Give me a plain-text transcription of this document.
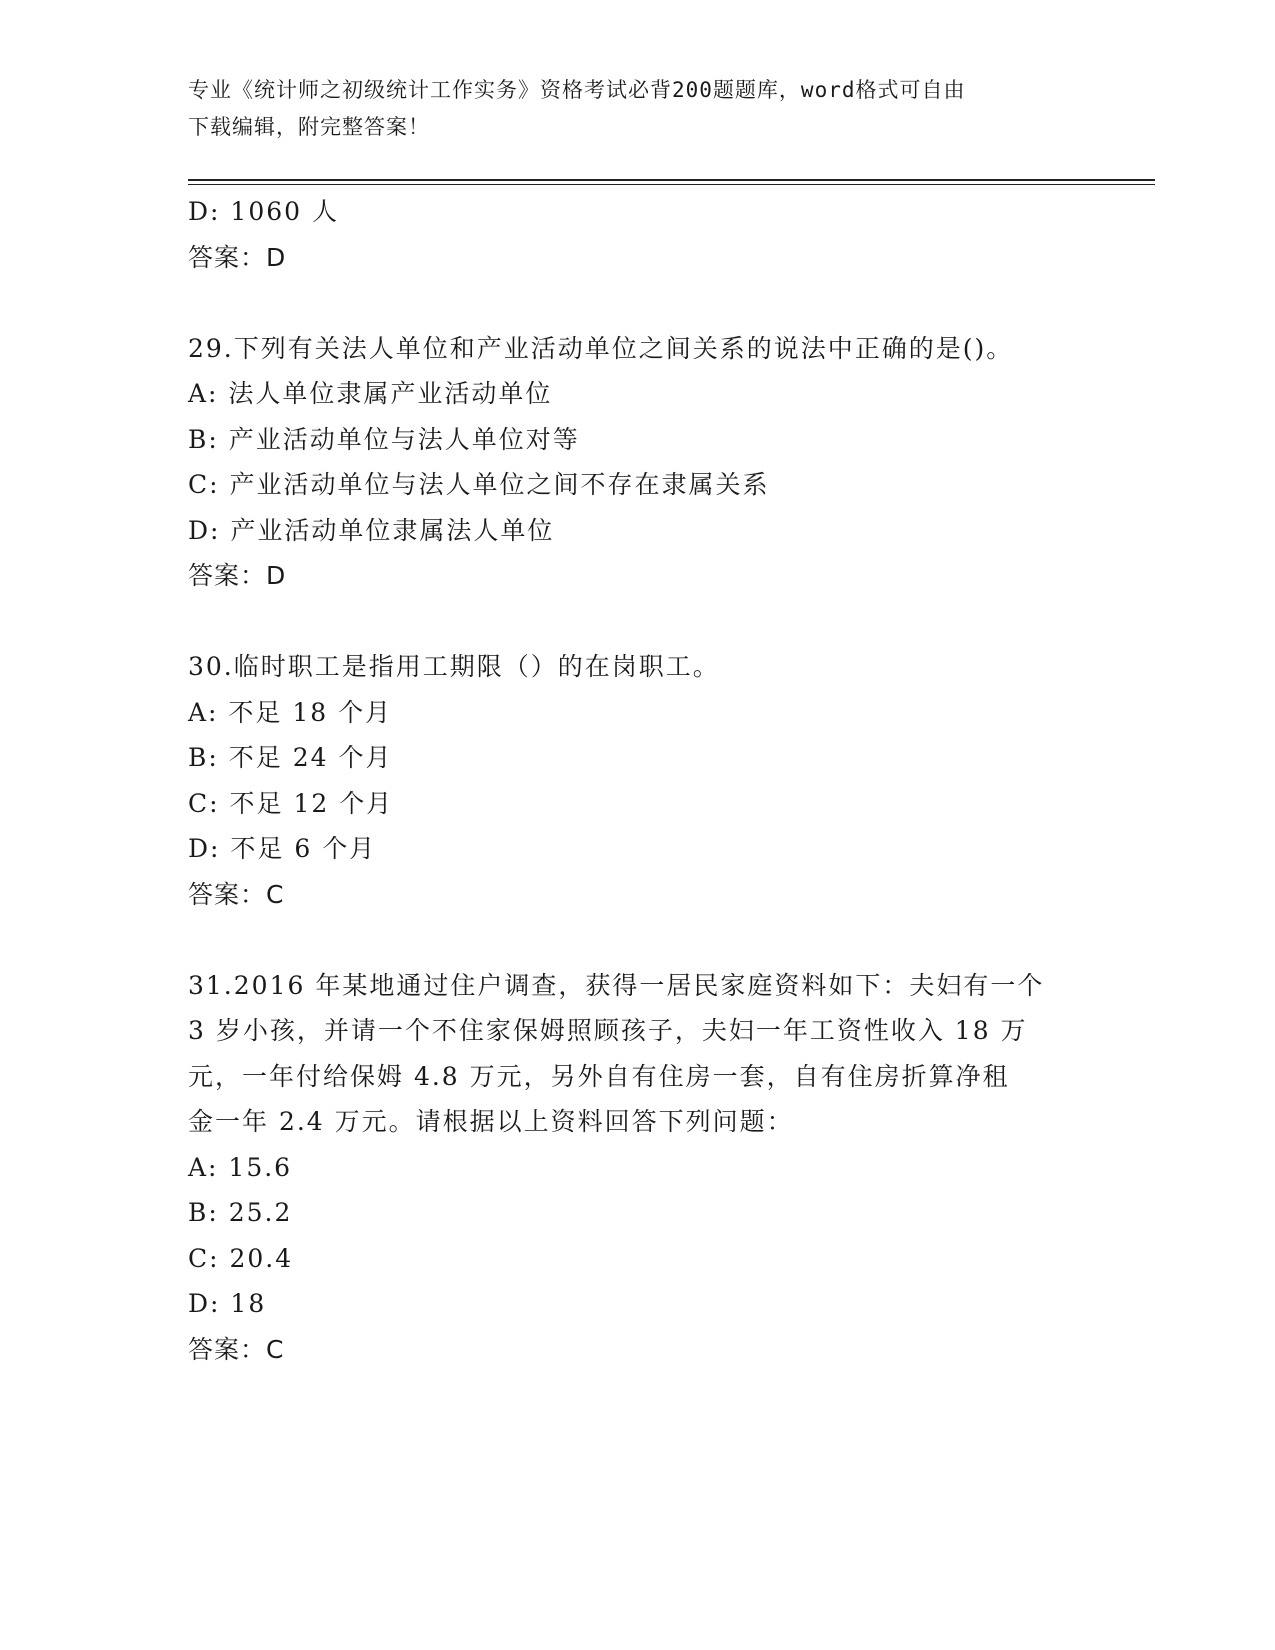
专业《统计师之初级统计工作实务》资格考试必背200题题库，word格式可自由
下载编辑，附完整答案！
D: 1060 人
答案：D
29.下列有关法人单位和产业活动单位之间关系的说法中正确的是()。
A: 法人单位隶属产业活动单位
B: 产业活动单位与法人单位对等
C: 产业活动单位与法人单位之间不存在隶属关系
D: 产业活动单位隶属法人单位
答案：D
30.临时职工是指用工期限（）的在岗职工。
A: 不足 18 个月
B: 不足 24 个月
C: 不足 12 个月
D: 不足 6 个月
答案：C
31.2016 年某地通过住户调查，获得一居民家庭资料如下：夫妇有一个
3 岁小孩，并请一个不住家保姆照顾孩子，夫妇一年工资性收入 18 万
元，一年付给保姆 4.8 万元，另外自有住房一套，自有住房折算净租
金一年 2.4 万元。请根据以上资料回答下列问题：
A: 15.6
B: 25.2
C: 20.4
D: 18
答案：C
